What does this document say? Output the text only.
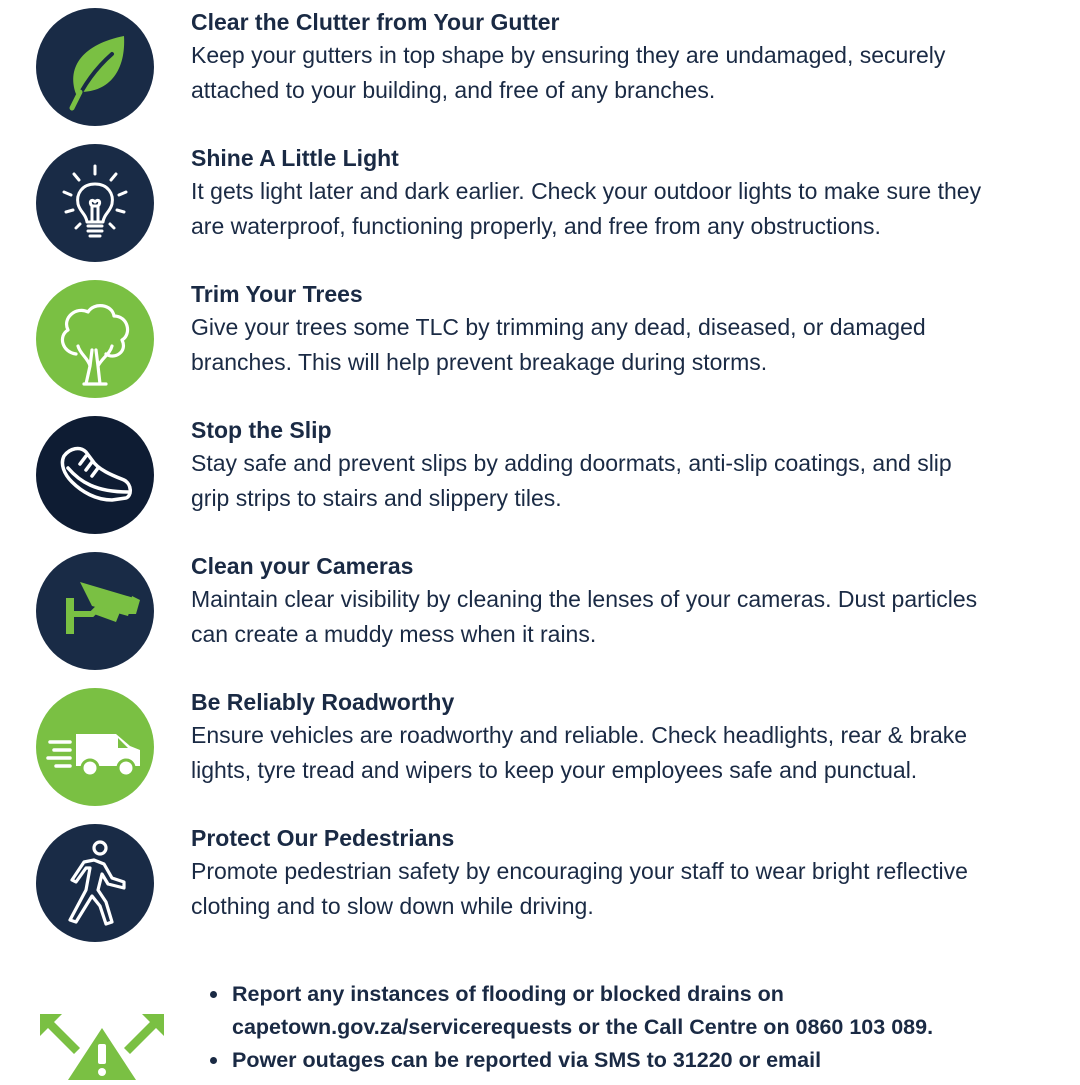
Clear the Clutter from Your Gutter

Keep your gutters in top shape by ensuring they are undamaged, securely

attached to your building, and free of any branches.

Shine A Little Light

It gets light later and dark earlier. Check your outdoor lights to make sure they

are waterproof, functioning properly, and free from any obstructions.

Trim Your Trees

Give your trees some TLC by trimming any dead, diseased, or damaged

branches. This will help prevent breakage during storms.

Stop the Slip

Stay safe and prevent slips by adding doormats, anti-slip coatings, and slip

grip strips to stairs and slippery tiles.

Clean your Cameras

Maintain clear visibility by cleaning the lenses of your cameras. Dust particles

can create a muddy mess when it rains.

Be Reliably Roadworthy

Ensure vehicles are roadworthy and reliable. Check headlights, rear & brake

lights, tyre tread and wipers to keep your employees safe and punctual.

Protect Our Pedestrians

Promote pedestrian safety by encouraging your staff to wear bright reflective

clothing and to slow down while driving.

Report any instances of flooding or blocked drains on
capetown.gov.za/servicerequests or the Call Centre on 0860 103 089.
Power outages can be reported via SMS to 31220 or email
